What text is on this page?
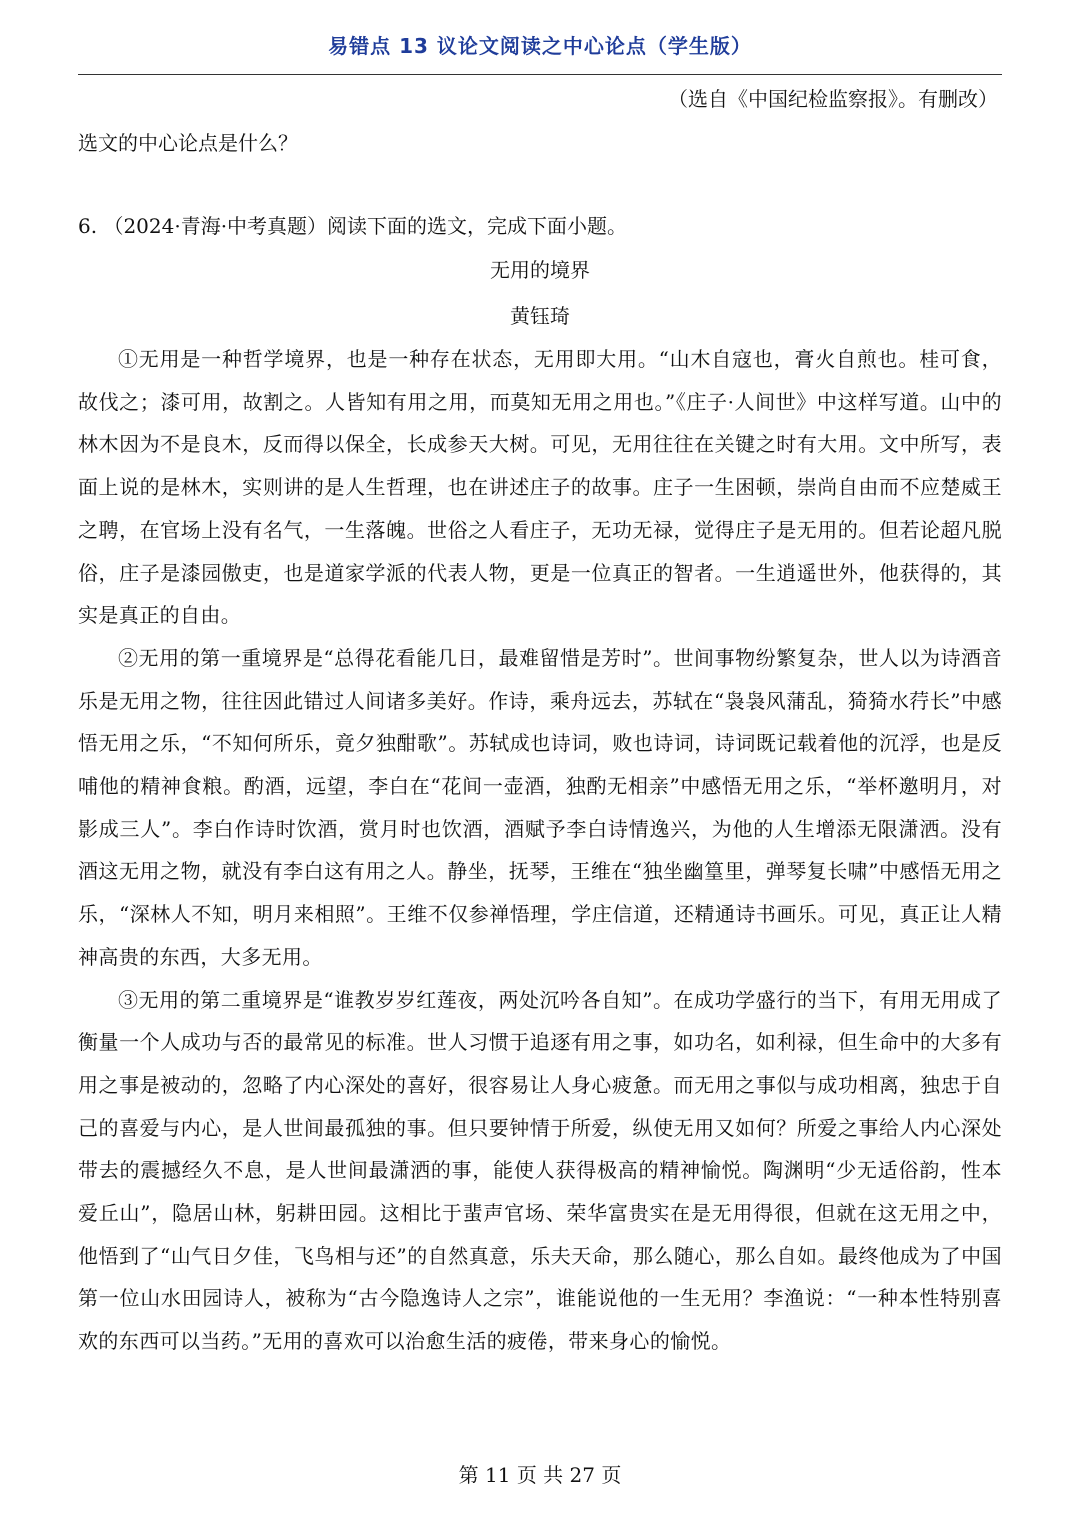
易错点 13 议论文阅读之中心论点（学生版）
（选自《中国纪检监察报》。有删改）
选文的中心论点是什么？
6. （2024·青海·中考真题）阅读下面的选文，完成下面小题。
无用的境界
黄钰琦

①无用是一种哲学境界，也是一种存在状态，无用即大用。“山木自寇也，膏火自煎也。桂可食，故伐之；漆可用，故割之。人皆知有用之用，而莫知无用之用也。”《庄子·人间世》中这样写道。山中的林木因为不是良木，反而得以保全，长成参天大树。可见，无用往往在关键之时有大用。文中所写，表面上说的是林木，实则讲的是人生哲理，也在讲述庄子的故事。庄子一生困顿，崇尚自由而不应楚威王之聘，在官场上没有名气，一生落魄。世俗之人看庄子，无功无禄，觉得庄子是无用的。但若论超凡脱俗，庄子是漆园傲吏，也是道家学派的代表人物，更是一位真正的智者。一生逍遥世外，他获得的，其实是真正的自由。

②无用的第一重境界是“总得花看能几日，最难留惜是芳时”。世间事物纷繁复杂，世人以为诗酒音乐是无用之物，往往因此错过人间诸多美好。作诗，乘舟远去，苏轼在“袅袅风蒲乱，猗猗水荇长”中感悟无用之乐，“不知何所乐，竟夕独酣歌”。苏轼成也诗词，败也诗词，诗词既记载着他的沉浮，也是反哺他的精神食粮。酌酒，远望，李白在“花间一壶酒，独酌无相亲”中感悟无用之乐，“举杯邀明月，对影成三人”。李白作诗时饮酒，赏月时也饮酒，酒赋予李白诗情逸兴，为他的人生增添无限潇洒。没有酒这无用之物，就没有李白这有用之人。静坐，抚琴，王维在“独坐幽篁里，弹琴复长啸”中感悟无用之乐，“深林人不知，明月来相照”。王维不仅参禅悟理，学庄信道，还精通诗书画乐。可见，真正让人精神高贵的东西，大多无用。

③无用的第二重境界是“谁教岁岁红莲夜，两处沉吟各自知”。在成功学盛行的当下，有用无用成了衡量一个人成功与否的最常见的标准。世人习惯于追逐有用之事，如功名，如利禄，但生命中的大多有用之事是被动的，忽略了内心深处的喜好，很容易让人身心疲惫。而无用之事似与成功相离，独忠于自己的喜爱与内心，是人世间最孤独的事。但只要钟情于所爱，纵使无用又如何？所爱之事给人内心深处带去的震撼经久不息，是人世间最潇洒的事，能使人获得极高的精神愉悦。陶渊明“少无适俗韵，性本爱丘山”，隐居山林，躬耕田园。这相比于蜚声官场、荣华富贵实在是无用得很，但就在这无用之中，他悟到了“山气日夕佳，飞鸟相与还”的自然真意，乐夫天命，那么随心，那么自如。最终他成为了中国第一位山水田园诗人，被称为“古今隐逸诗人之宗”，谁能说他的一生无用？李渔说：“一种本性特别喜欢的东西可以当药。”无用的喜欢可以治愈生活的疲倦，带来身心的愉悦。

第 11 页 共 27 页
